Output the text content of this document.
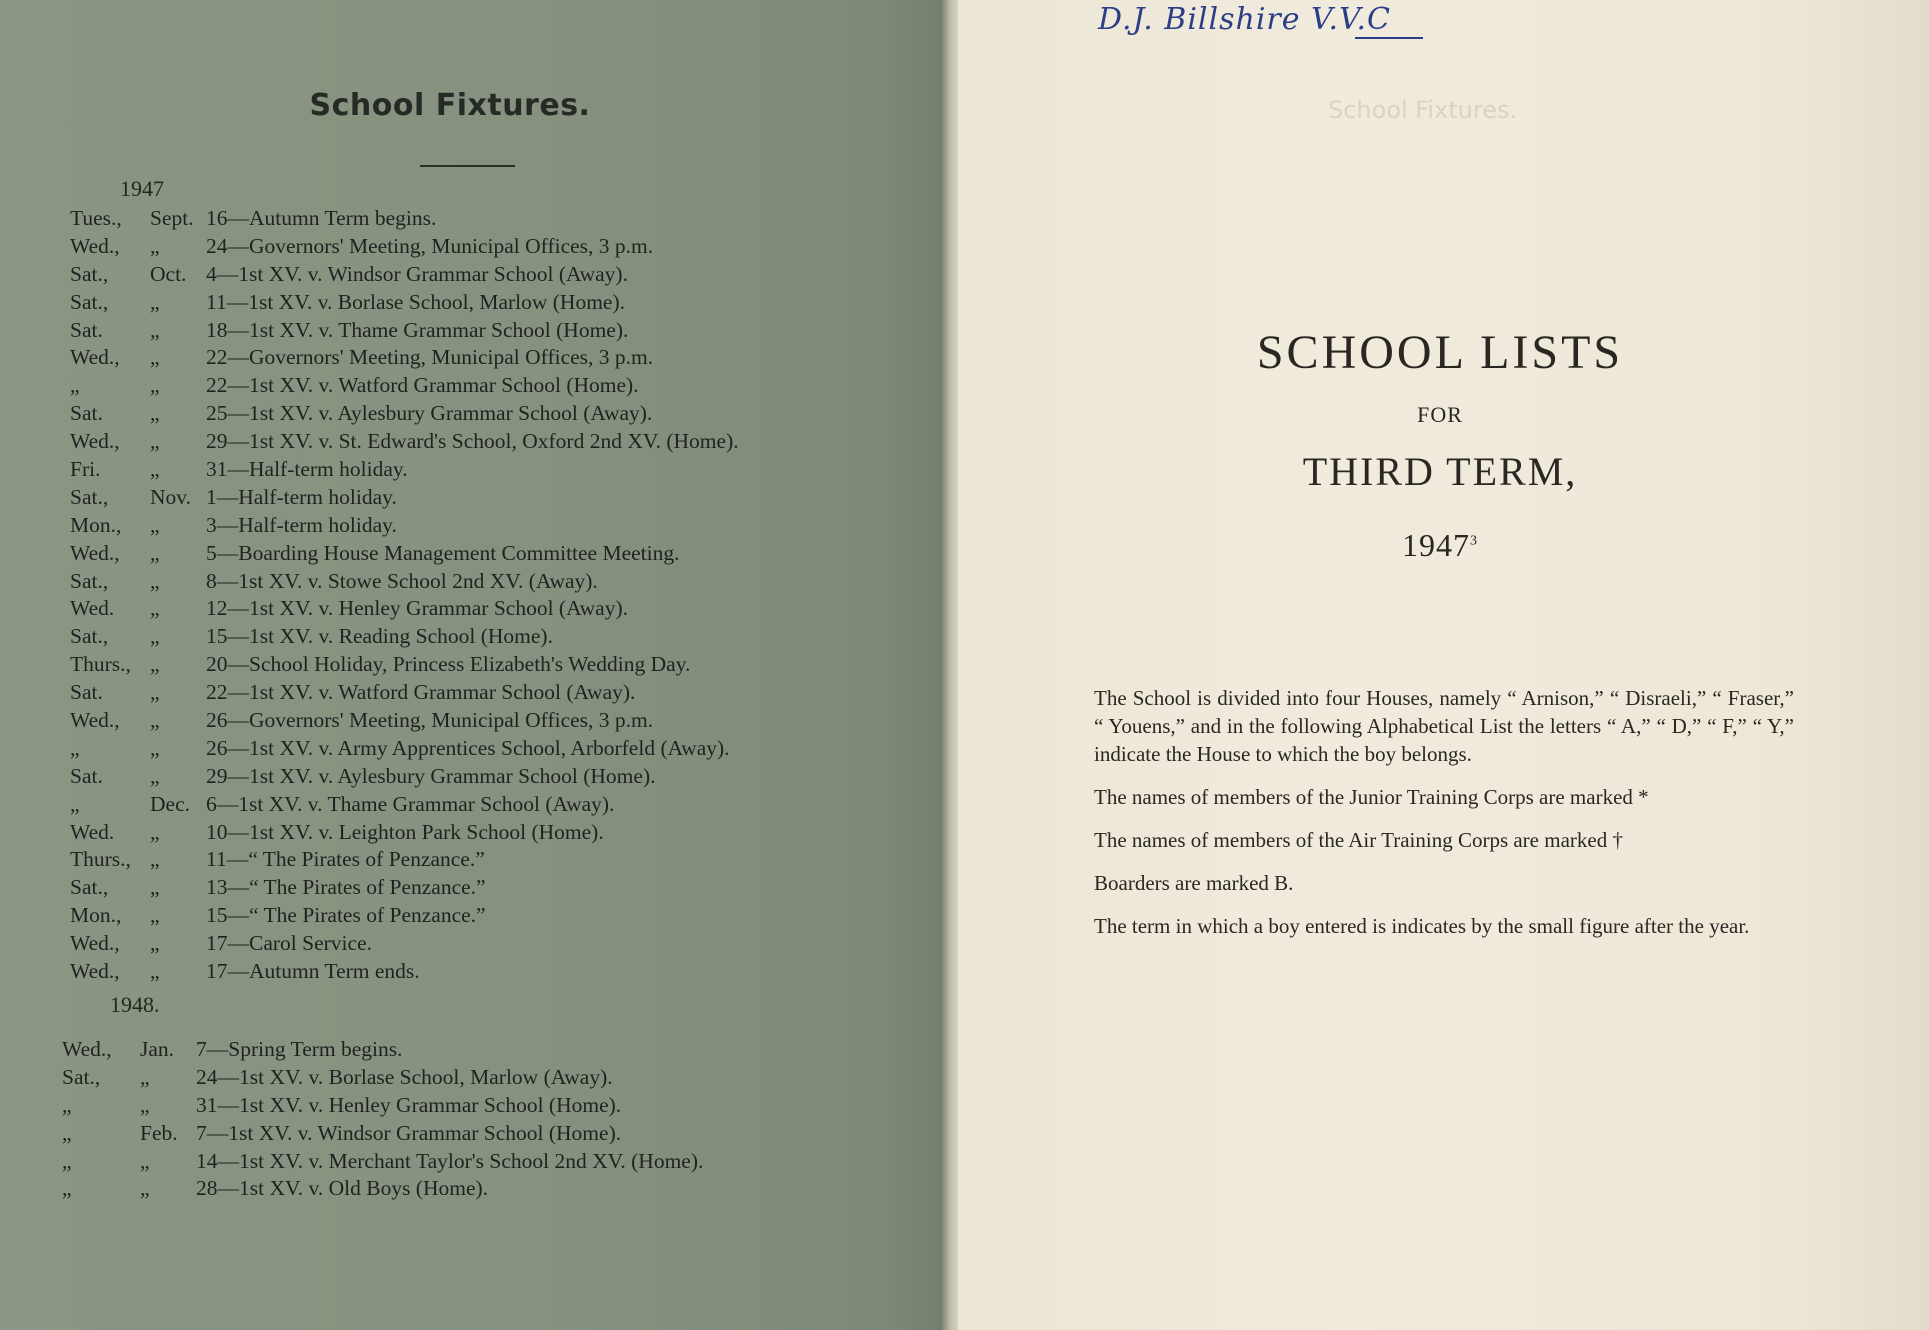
School Fixtures.
1947
Tues., Sept. 16—Autumn Term begins.
Wed., „ 24—Governors' Meeting, Municipal Offices, 3 p.m.
Sat., Oct. 4—1st XV. v. Windsor Grammar School (Away).
Sat., „ 11—1st XV. v. Borlase School, Marlow (Home).
Sat. „ 18—1st XV. v. Thame Grammar School (Home).
Wed., „ 22—Governors' Meeting, Municipal Offices, 3 p.m.
„	„ 22—1st XV. v. Watford Grammar School (Home).
Sat. „ 25—1st XV. v. Aylesbury Grammar School (Away).
Wed., „ 29—1st XV. v. St. Edward's School, Oxford 2nd XV. (Home).
Fri. „ 31—Half-term holiday.
Sat., Nov. 1—Half-term holiday.
Mon., „ 3—Half-term holiday.
Wed., „ 5—Boarding House Management Committee Meeting.
Sat., „ 8—1st XV. v. Stowe School 2nd XV. (Away).
Wed. „ 12—1st XV. v. Henley Grammar School (Away).
Sat., „ 15—1st XV. v. Reading School (Home).
Thurs., „ 20—School Holiday, Princess Elizabeth's Wedding Day.
Sat. „ 22—1st XV. v. Watford Grammar School (Away).
Wed., „ 26—Governors' Meeting, Municipal Offices, 3 p.m.
„	„ 26—1st XV. v. Army Apprentices School, Arborfeld (Away).
Sat. „ 29—1st XV. v. Aylesbury Grammar School (Home).
„	Dec. 6—1st XV. v. Thame Grammar School (Away).
Wed. „ 10—1st XV. v. Leighton Park School (Home).
Thurs., „ 11—“ The Pirates of Penzance.”
Sat., „ 13—“ The Pirates of Penzance.”
Mon., „ 15—“ The Pirates of Penzance.”
Wed., „ 17—Carol Service.
Wed., „ 17—Autumn Term ends.
1948.
Wed., Jan. 7—Spring Term begins.
Sat., „ 24—1st XV. v. Borlase School, Marlow (Away).
„	„ 31—1st XV. v. Henley Grammar School (Home).
„	Feb. 7—1st XV. v. Windsor Grammar School (Home).
„	„ 14—1st XV. v. Merchant Taylor's School 2nd XV. (Home).
„	„ 28—1st XV. v. Old Boys (Home).

D.J. Billshire V.V.C

School Fixtures.

SCHOOL LISTS

FOR

THIRD TERM,

1947$^3$

The School is divided into four Houses, namely “ Arnison,” “ Disraeli,” “ Fraser,” “ Youens,” and in the following Alphabetical List the letters “ A,” “ D,” “ F,” “ Y,” indicate the House to which the boy belongs.

The names of members of the Junior Training Corps are marked *

The names of members of the Air Training Corps are marked †

Boarders are marked B.

The term in which a boy entered is indicates by the small figure after the year.
